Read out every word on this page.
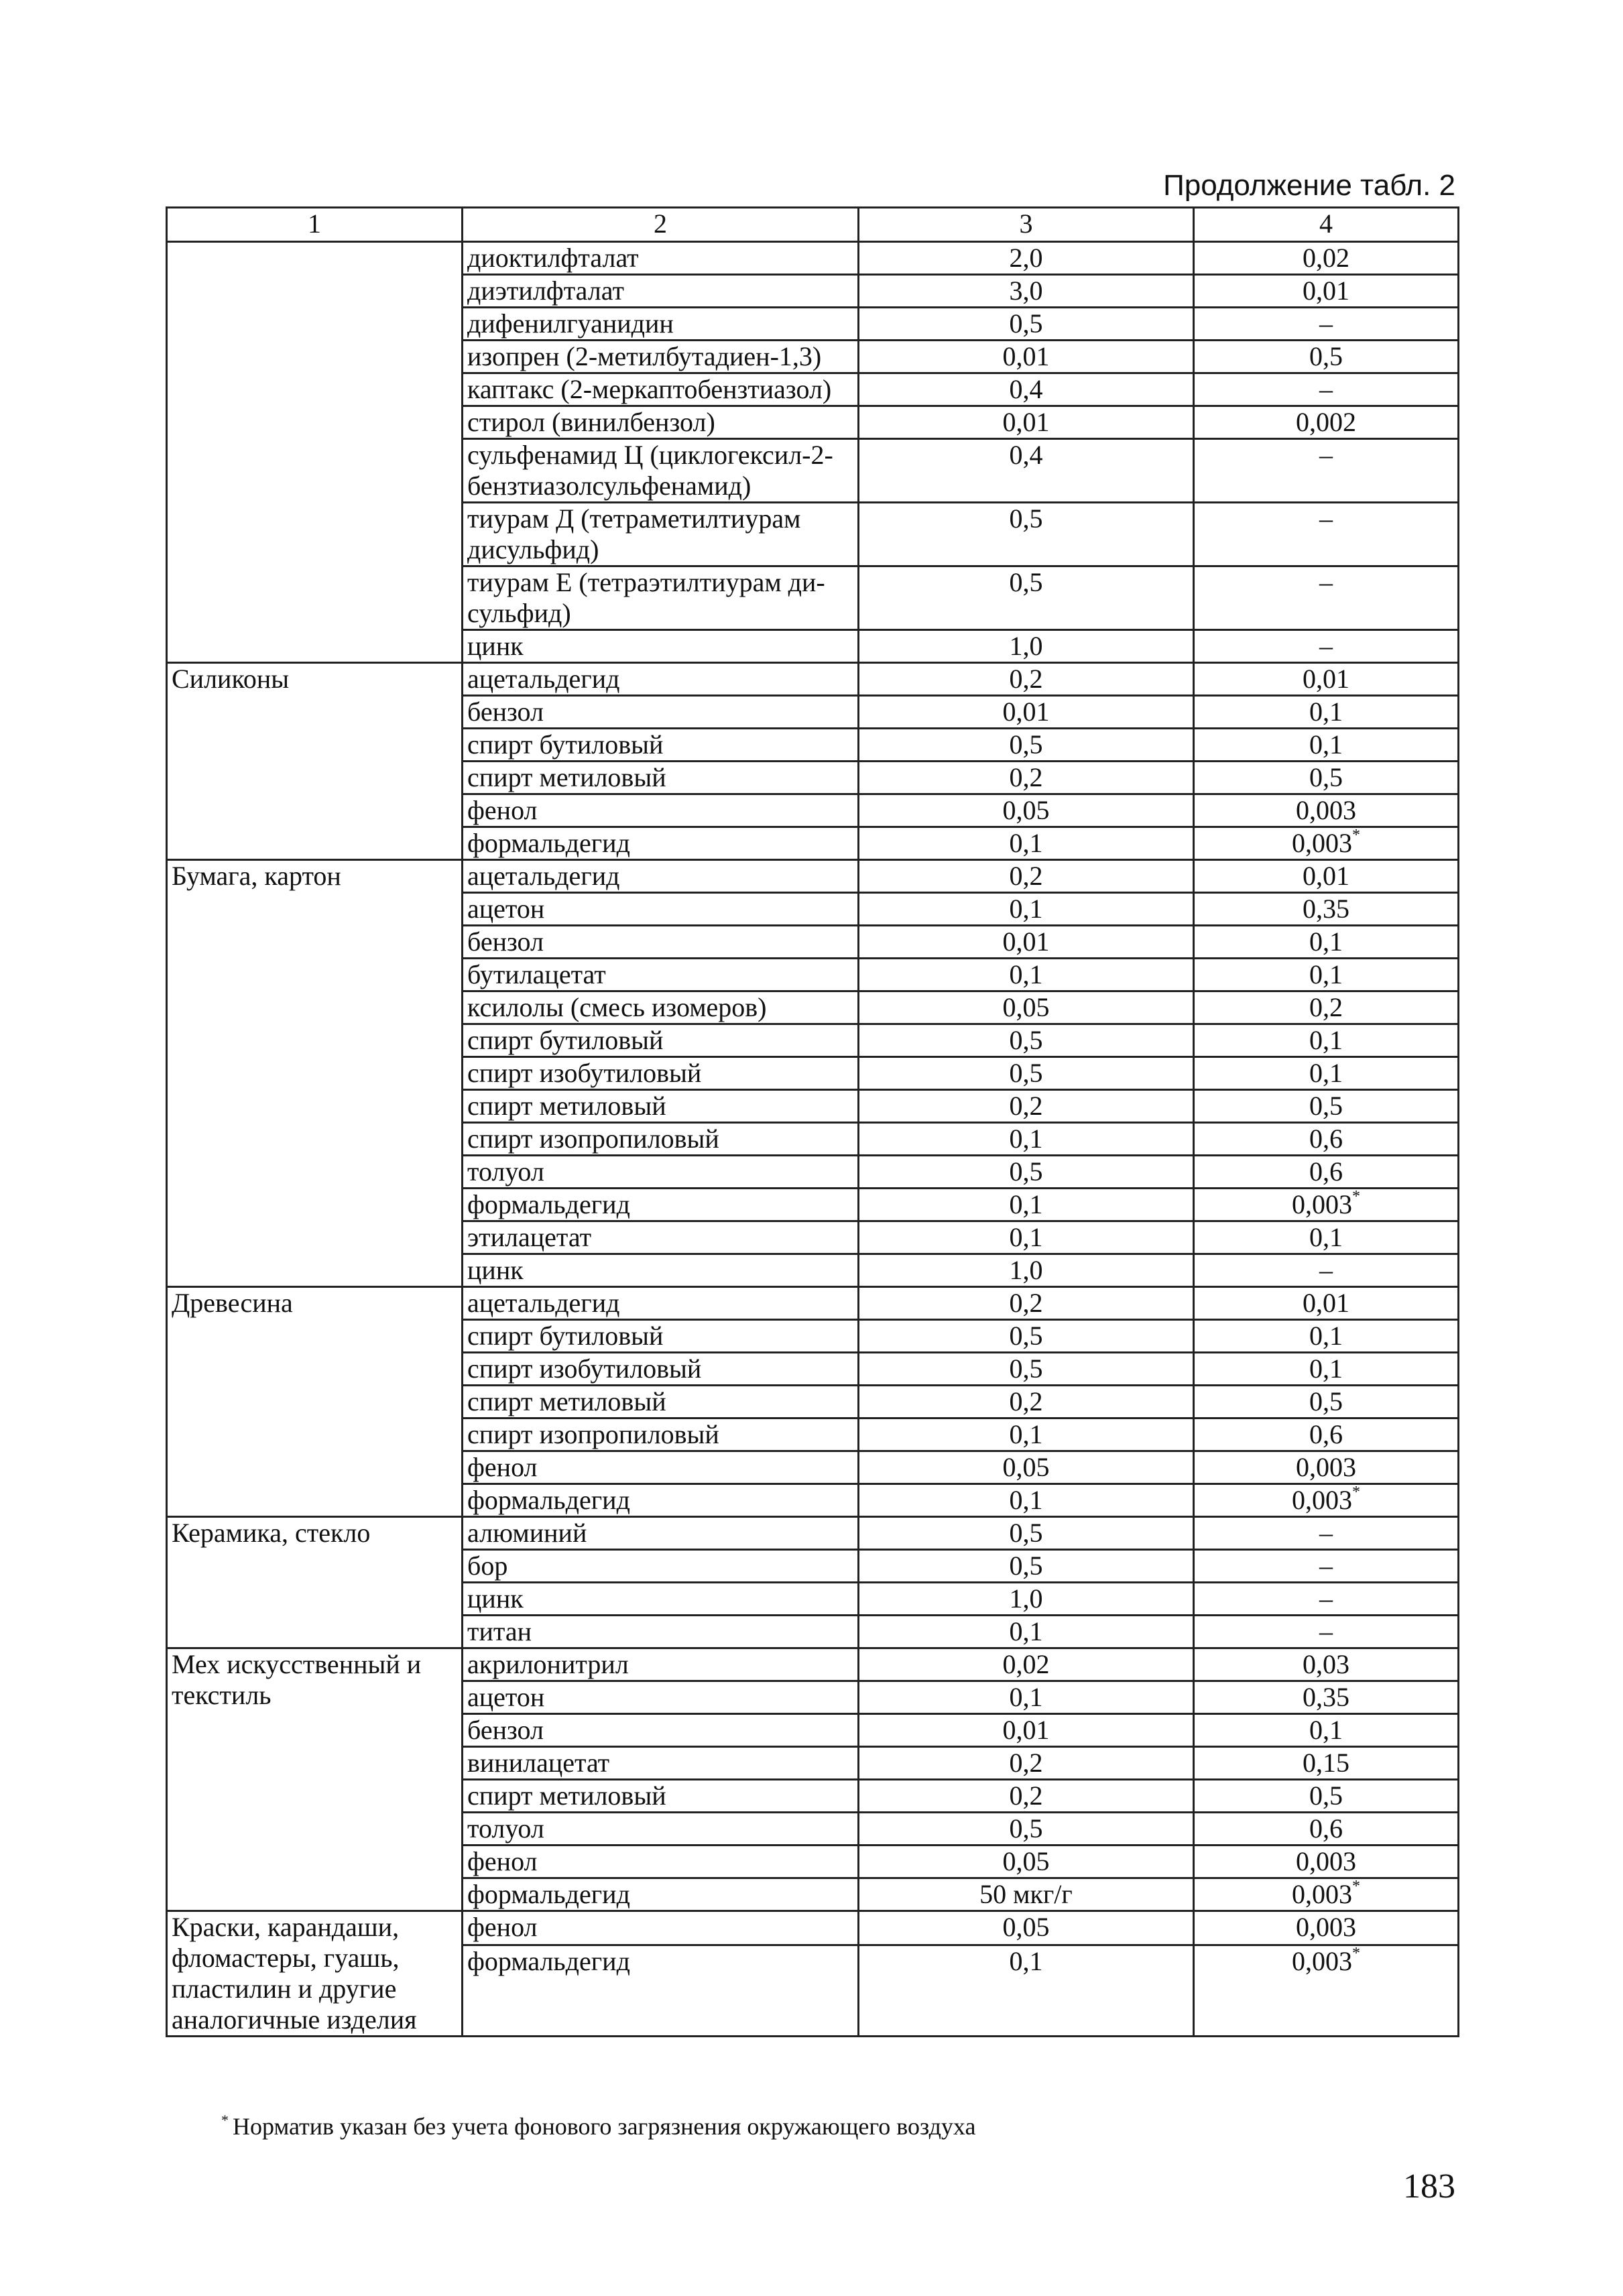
Продолжение табл. 2
1	2	3	4
	диоктилфталат	2,0	0,02
	диэтилфталат	3,0	0,01
	дифенилгуанидин	0,5	–
	изопрен (2-метилбутадиен-1,3)	0,01	0,5
	каптакс (2-меркаптобензтиазол)	0,4	–
	стирол (винилбензол)	0,01	0,002
	сульфенамид Ц (циклогексил-2-бензтиазолсульфенамид)	0,4	–
	тиурам Д (тетраметилтиурам дисульфид)	0,5	–
	тиурам Е (тетраэтилтиурам ди-сульфид)	0,5	–
	цинк	1,0	–
Силиконы	ацетальдегид	0,2	0,01
	бензол	0,01	0,1
	спирт бутиловый	0,5	0,1
	спирт метиловый	0,2	0,5
	фенол	0,05	0,003
	формальдегид	0,1	0,003*
Бумага, картон	ацетальдегид	0,2	0,01
	ацетон	0,1	0,35
	бензол	0,01	0,1
	бутилацетат	0,1	0,1
	ксилолы (смесь изомеров)	0,05	0,2
	спирт бутиловый	0,5	0,1
	спирт изобутиловый	0,5	0,1
	спирт метиловый	0,2	0,5
	спирт изопропиловый	0,1	0,6
	толуол	0,5	0,6
	формальдегид	0,1	0,003*
	этилацетат	0,1	0,1
	цинк	1,0	–
Древесина	ацетальдегид	0,2	0,01
	спирт бутиловый	0,5	0,1
	спирт изобутиловый	0,5	0,1
	спирт метиловый	0,2	0,5
	спирт изопропиловый	0,1	0,6
	фенол	0,05	0,003
	формальдегид	0,1	0,003*
Керамика, стекло	алюминий	0,5	–
	бор	0,5	–
	цинк	1,0	–
	титан	0,1	–
Мех искусственный и текстиль	акрилонитрил	0,02	0,03
	ацетон	0,1	0,35
	бензол	0,01	0,1
	винилацетат	0,2	0,15
	спирт метиловый	0,2	0,5
	толуол	0,5	0,6
	фенол	0,05	0,003
	формальдегид	50 мкг/г	0,003*
Краски, карандаши, фломастеры, гуашь, пластилин и другие аналогичные изделия	фенол	0,05	0,003
	формальдегид	0,1	0,003*
* Норматив указан без учета фонового загрязнения окружающего воздуха
183
